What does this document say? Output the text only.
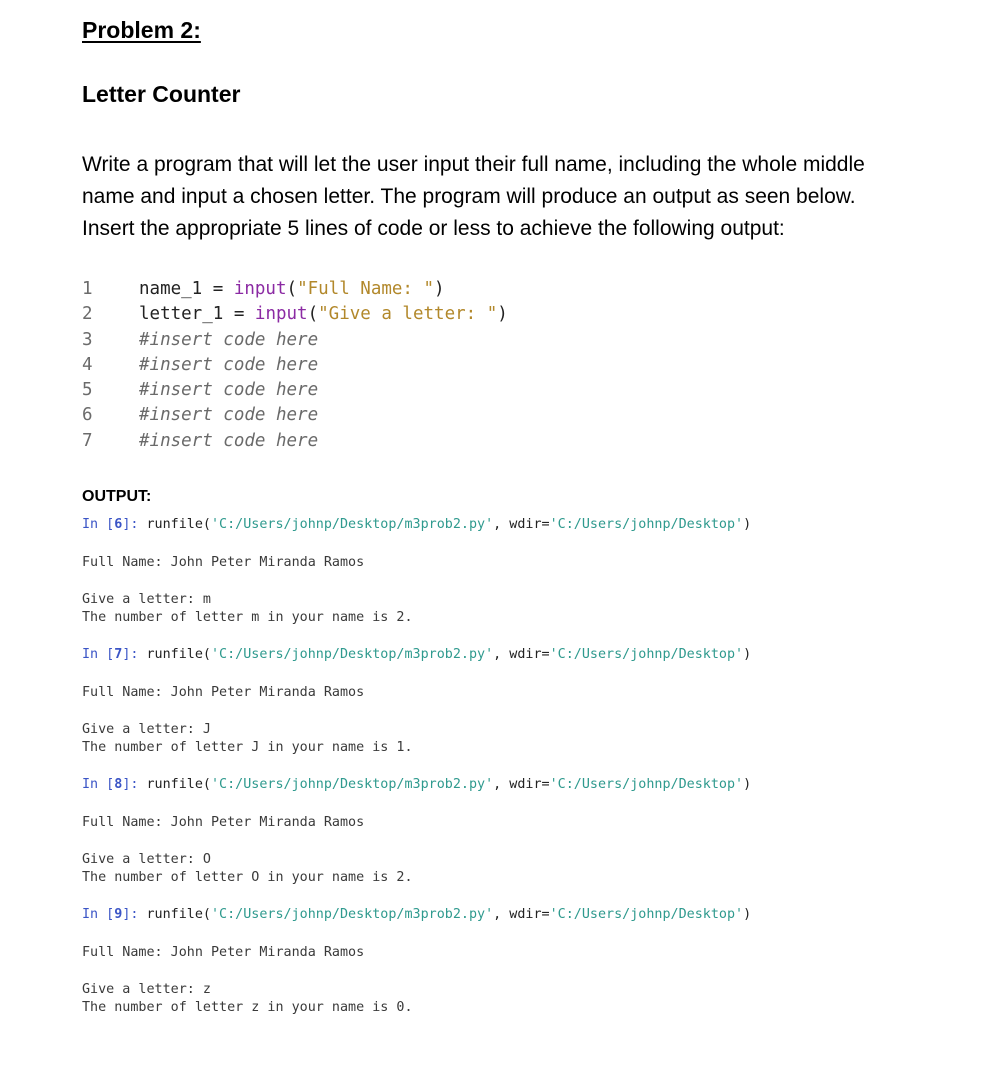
Problem 2:
Letter Counter

Write a program that will let the user input their full name, including the whole middle
name and input a chosen letter. The program will produce an output as seen below.
Insert the appropriate 5 lines of code or less to achieve the following output:

1	name_1 = input("Full Name: ")
2	letter_1 = input("Give a letter: ")
3	#insert code here
4	#insert code here
5	#insert code here
6	#insert code here
7	#insert code here

OUTPUT:

In [6]: runfile('C:/Users/johnp/Desktop/m3prob2.py', wdir='C:/Users/johnp/Desktop')
Full Name: John Peter Miranda Ramos
Give a letter: m
The number of letter m in your name is 2.
In [7]: runfile('C:/Users/johnp/Desktop/m3prob2.py', wdir='C:/Users/johnp/Desktop')
Full Name: John Peter Miranda Ramos
Give a letter: J
The number of letter J in your name is 1.
In [8]: runfile('C:/Users/johnp/Desktop/m3prob2.py', wdir='C:/Users/johnp/Desktop')
Full Name: John Peter Miranda Ramos
Give a letter: O
The number of letter O in your name is 2.
In [9]: runfile('C:/Users/johnp/Desktop/m3prob2.py', wdir='C:/Users/johnp/Desktop')
Full Name: John Peter Miranda Ramos
Give a letter: z
The number of letter z in your name is 0.
